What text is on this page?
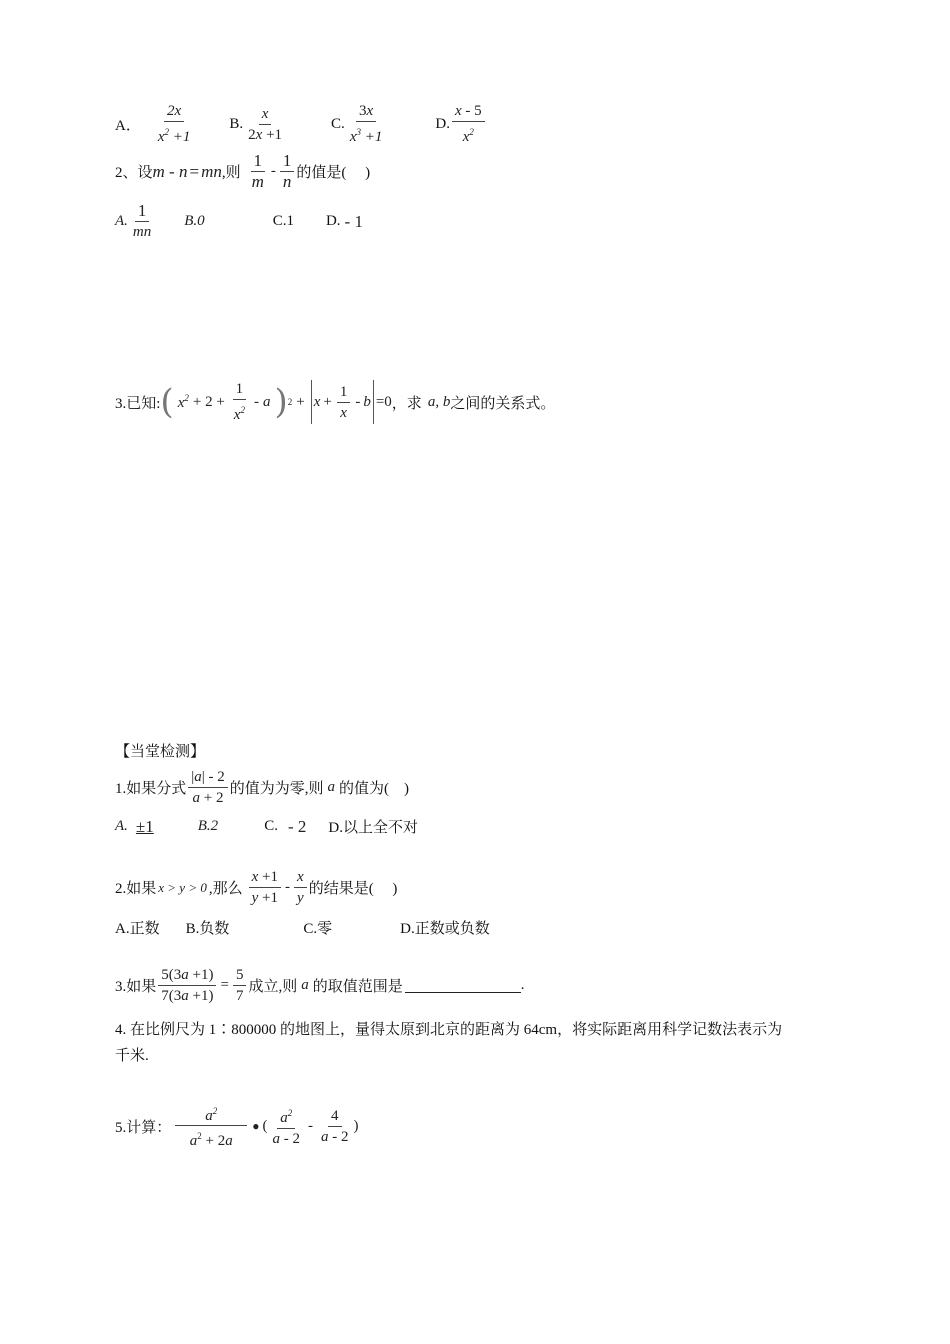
A． $\frac{2x}{x^2 +1} B$. $\frac{x}{2x +1}$	C. $\frac{3x}{x^3 +1}$	D. $\frac{x - 5}{x^2}$
2、设 m - n = mn ,则 $\frac{1}{m} - \frac{1}{n}$ 的值是(　 )
A. $\frac{1}{mn} B.0$	C.1 D. - 1
3.已知: ( $x^2 + 2 + \frac{1}{x^2} - a$ ) $2 + x + \frac{1}{x} - b =0$ ，求 a, b 之间的关系式。
【当堂检测】
1.如果分式 $\frac{|a| - 2}{a + 2}$ 的值为为零,则 a 的值为(　)
A. ±1	B.2	C. - 2 D.以上全不对
2.如果 x > y > 0 ,那么 $\frac{x +1}{y +1} - \frac{x}{y}$ 的结果是(　 )
A.正数 B.负数	C.零	D.正数或负数
3.如果 $\frac{5(3a +1)}{7(3a +1)} = \frac{5}{7}$ 成立,则 a 的取值范围是	.
4. 在比例尺为 1∶800000 的地图上，量得太原到北京的距离为 64cm，将实际距离用科学记数法表示为
千米.
5.计算： $\frac{a^2}{a^2 + 2a}$ ● ( $\frac{a^2}{a - 2} - \frac{4}{a - 2}$ )
